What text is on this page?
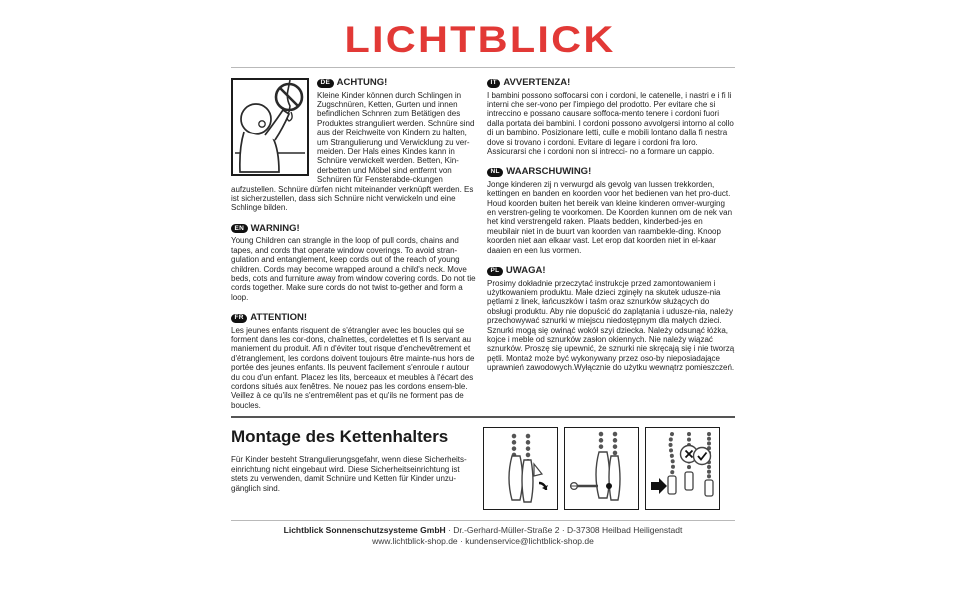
LICHTBLICK
DE ACHTUNG!
Kleine Kinder können durch Schlingen in Zugschnüren, Ketten, Gurten und innen befindlichen Schnren zum Betätigen des Produktes stranguliert werden. Schnüre sind aus der Reichweite von Kindern zu halten, um Strangulierung und Verwicklung zu ver-meiden. Der Hals eines Kindes kann in Schnüre verwickelt werden. Betten, Kin-derbetten und Möbel sind entfernt von Schnüren für Fensterabde-ckungen aufzustellen. Schnüre dürfen nicht miteinander verknüpft werden. Es ist sicherzustellen, dass sich Schnüre nicht verwickeln und eine Schlinge bilden.
EN WARNING!
Young Children can strangle in the loop of pull cords, chains and tapes, and cords that operate window coverings. To avoid stran-gulation and entanglement, keep cords out of the reach of young children. Cords may become wrapped around a child's neck. Move beds, cots and furniture away from window covering cords. Do not tie cords together. Make sure cords do not twist to-gether and form a loop.
FR ATTENTION!
Les jeunes enfants risquent de s'étrangler avec les boucles qui se forment dans les cor-dons, chaînettes, cordelettes et fi ls servant au maniement du produit. Afi n d'éviter tout risque d'enchevêtrement et d'étranglement, les cordons doivent toujours être mainte-nus hors de portée des jeunes enfants. Ils peuvent facilement s'enroule r autour du cou d'un enfant. Placez les lits, berceaux et meubles à l'écart des cordons situés aux fenêtres. Ne nouez pas les cordons ensem-ble. Veillez à ce qu'ils ne s'entremêlent pas et qu'ils ne forment pas de boucles.
IT AVVERTENZA!
I bambini possono soffocarsi con i cordoni, le catenelle, i nastri e i fi li interni che ser-vono per l'impiego del prodotto. Per evitare che si intreccino e possano causare soffoca-mento tenere i cordoni fuori dalla portata dei bambini. I cordoni possono avvolgersi intorno al collo di un bambino. Posizionare letti, culle e mobili lontano dalla fi nestra dove si trovano i cordoni. Evitare di legare i cordoni fra loro. Assicurarsi che i cordoni non si intrecci- no a formare un cappio.
NL WAARSCHUWING!
Jonge kinderen zij n verwurgd als gevolg van lussen trekkorden, kettingen en banden en koorden voor het bedienen van het pro-duct. Houd koorden buiten het bereik van kleine kinderen omver-wurging en verstren-geling te voorkomen. De Koorden kunnen om de nek van het kind verstrengeld raken. Plaats bedden, kinderbed-jes en meubilair niet in de buurt van koorden van raambekle-ding. Knoop koorden niet aan elkaar vast. Let erop dat koorden niet in el-kaar daaien en een lus vormen.
PL UWAGA!
Prosimy dokładnie przeczytać instrukcje przed zamontowaniem i użytkowaniem produktu. Małe dzieci zginęły na skutek udusze-nia pętlami z linek, łańcuszków i taśm oraz sznurków służących do obsługi produktu. Aby nie dopuścić do zaplątania i udusze-nia, należy przechowywać sznurki w miejscu niedostępnym dla małych dzieci. Sznurki mogą się owinąć wokół szyi dziecka. Należy odsunąć łóżka, kojce i meble od sznurków zasłon okiennych. Nie należy wiązać sznurków. Proszę się upewnić, że sznurki nie skręcają się i nie tworzą pętli. Montaż może być wykonywany przez oso-by nieposiadające uprawnień zawodowych.Wyłącznie do użytku wewnątrz pomieszczeń.
Montage des Kettenhalters
Für Kinder besteht Strangulierungsgefahr, wenn diese Sicherheits-einrichtung nicht eingebaut wird. Diese Sicherheitseinrichtung ist stets zu verwenden, damit Schnüre und Ketten für Kinder unzu-gänglich sind.
Lichtblick Sonnenschutzsysteme GmbH · Dr.-Gerhard-Müller-Straße 2 · D-37308 Heilbad Heiligenstadt
www.lichtblick-shop.de · kundenservice@lichtblick-shop.de
